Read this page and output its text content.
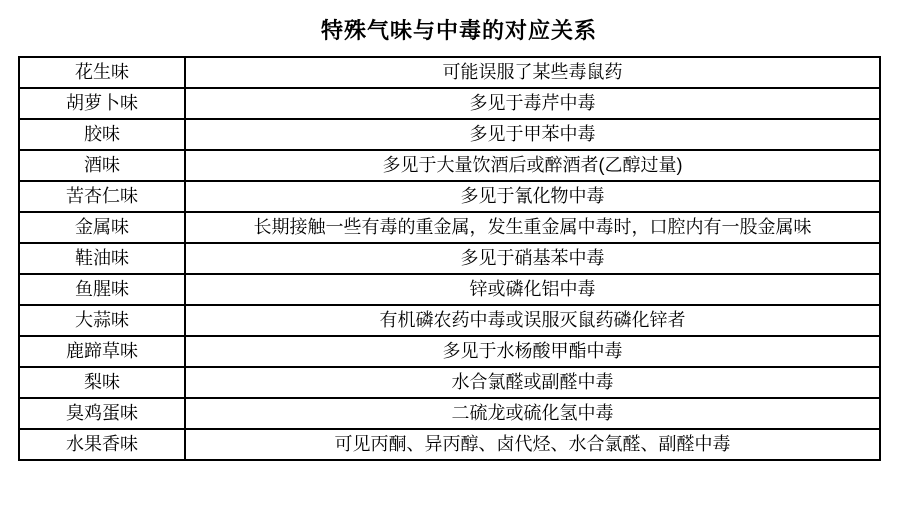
特殊气味与中毒的对应关系
花生味	可能误服了某些毒鼠药
胡萝卜味	多见于毒芹中毒
胶味	多见于甲苯中毒
酒味	多见于大量饮酒后或醉酒者(乙醇过量)
苦杏仁味	多见于氰化物中毒
金属味	长期接触一些有毒的重金属，发生重金属中毒时，口腔内有一股金属味
鞋油味	多见于硝基苯中毒
鱼腥味	锌或磷化铝中毒
大蒜味	有机磷农药中毒或误服灭鼠药磷化锌者
鹿蹄草味	多见于水杨酸甲酯中毒
梨味	水合氯醛或副醛中毒
臭鸡蛋味	二硫龙或硫化氢中毒
水果香味	可见丙酮、异丙醇、卤代烃、水合氯醛、副醛中毒
